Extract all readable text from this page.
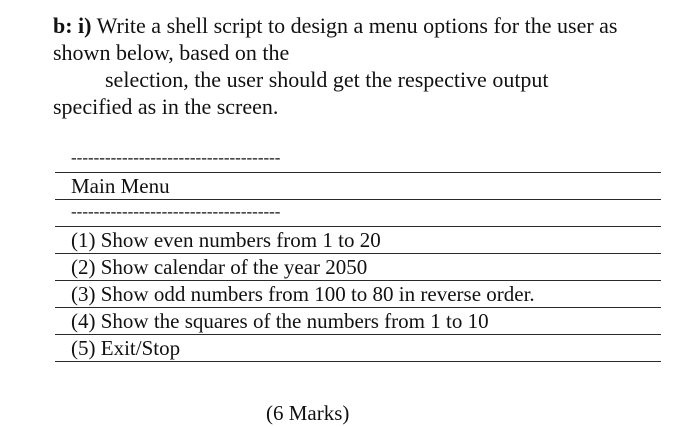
b: i) Write a shell script to design a menu options for the user as
shown below, based on the
selection, the user should get the respective output
specified as in the screen.
-------------------------------------
Main Menu
-------------------------------------
(1) Show even numbers from 1 to 20
(2) Show calendar of the year 2050
(3) Show odd numbers from 100 to 80 in reverse order.
(4) Show the squares of the numbers from 1 to 10
(5) Exit/Stop
(6 Marks)
